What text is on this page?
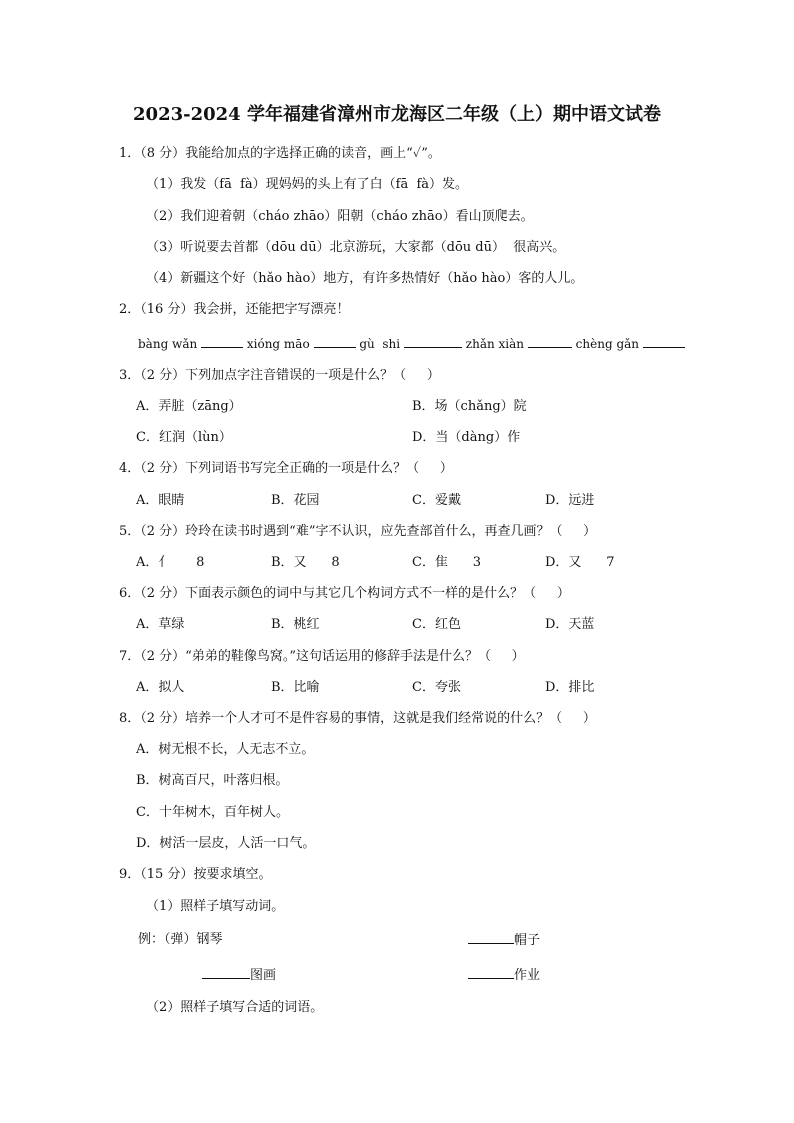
2023-2024 学年福建省漳州市龙海区二年级（上）期中语文试卷
1．（8 分）我能给加点的字选择正确的读音，画上“✓”。
（1）我发（fā  fà）现妈妈的头上有了白（fā  fà）发。
（2）我们迎着朝（cháo zhāo）阳朝（cháo zhāo）看山顶爬去。
（3）听说要去首都（dōu dū）北京游玩，大家都（dōu dū）  很高兴。
（4）新疆这个好（hǎo hào）地方，有许多热情好（hǎo hào）客的人儿。
2．（16 分）我会拼，还能把字写漂亮！
bàng wǎn	xióng māo	gù  shi	zhǎn xiàn	chèng gǎn
3．（2 分）下列加点字注音错误的一项是什么？（     ）
A．弄脏（zāng）	B．场（chǎng）院
C．红润（lùn）	D．当（dàng）作
4．（2 分）下列词语书写完全正确的一项是什么？（     ）
A．眼睛	B．花园	C．爱戴	D．远进
5．（2 分）玲玲在读书时遇到“难”字不认识，应先查部首什么，再查几画？（     ）
A．亻      8	B．又      8	C．隹      3	D．又      7
6．（2 分）下面表示颜色的词中与其它几个构词方式不一样的是什么？（     ）
A．草绿	B．桃红	C．红色	D．天蓝
7．（2 分）“弟弟的鞋像鸟窝。”这句话运用的修辞手法是什么？（     ）
A．拟人	B．比喻	C．夸张	D．排比
8．（2 分）培养一个人才可不是件容易的事情，这就是我们经常说的什么？（     ）
A．树无根不长，人无志不立。
B．树高百尺，叶落归根。
C．十年树木，百年树人。
D．树活一层皮，人活一口气。
9．（15 分）按要求填空。
（1）照样子填写动词。
例：（弹）钢琴	帽子
图画	作业
（2）照样子填写合适的词语。
